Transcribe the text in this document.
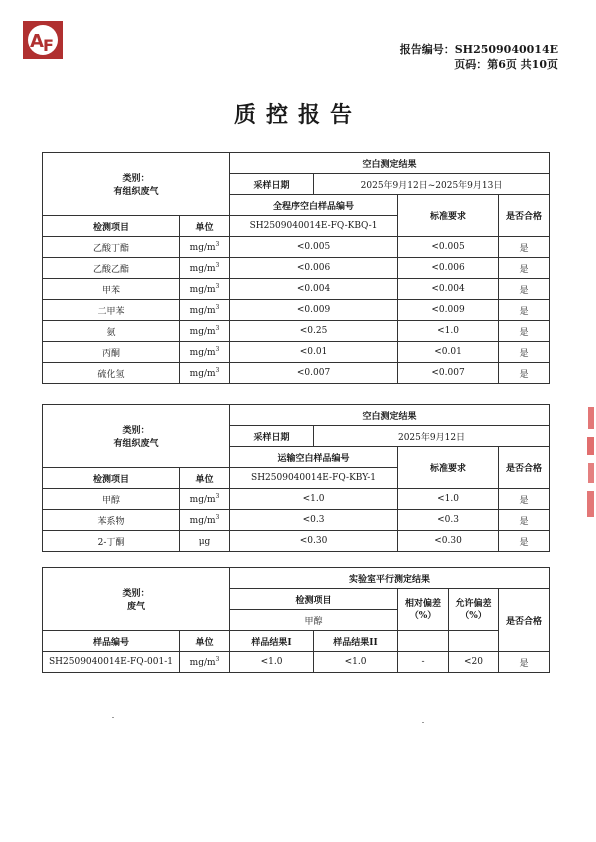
A F	报告编号：SH2509040014E
页码：第6页 共10页
质控报告
类别：
有组织废气		空白测定结果			
		采样日期	2025年9月12日~2025年9月13日		
		全程序空白样品编号		标准要求	是否合格
检测项目	单位	SH2509040014E-FQ-KBQ-1			
乙酸丁酯	$mg/m^3$	<0.005		<0.005	是
乙酸乙酯	$mg/m^3$	<0.006		<0.006	是
甲苯	$mg/m^3$	<0.004		<0.004	是
二甲苯	$mg/m^3$	<0.009		<0.009	是
氨	$mg/m^3$	<0.25		<1.0	是
丙酮	$mg/m^3$	<0.01		<0.01	是
硫化氢	$mg/m^3$	<0.007		<0.007	是
类别：
有组织废气		空白测定结果			
		采样日期	2025年9月12日		
		运输空白样品编号		标准要求	是否合格
检测项目	单位	SH2509040014E-FQ-KBY-1			
甲醇	$mg/m^3$	<1.0		<1.0	是
苯系物	$mg/m^3$	<0.3		<0.3	是
2-丁酮	μg	<0.30		<0.30	是
类别：
废气		实验室平行测定结果				
		检测项目		相对偏差（%）	允许偏差（%）	是否合格
		甲醇				
样品编号	单位	样品结果I	样品结果II			
SH2509040014E-FQ-001-1	$mg/m^3$	<1.0	<1.0	-	<20	是
